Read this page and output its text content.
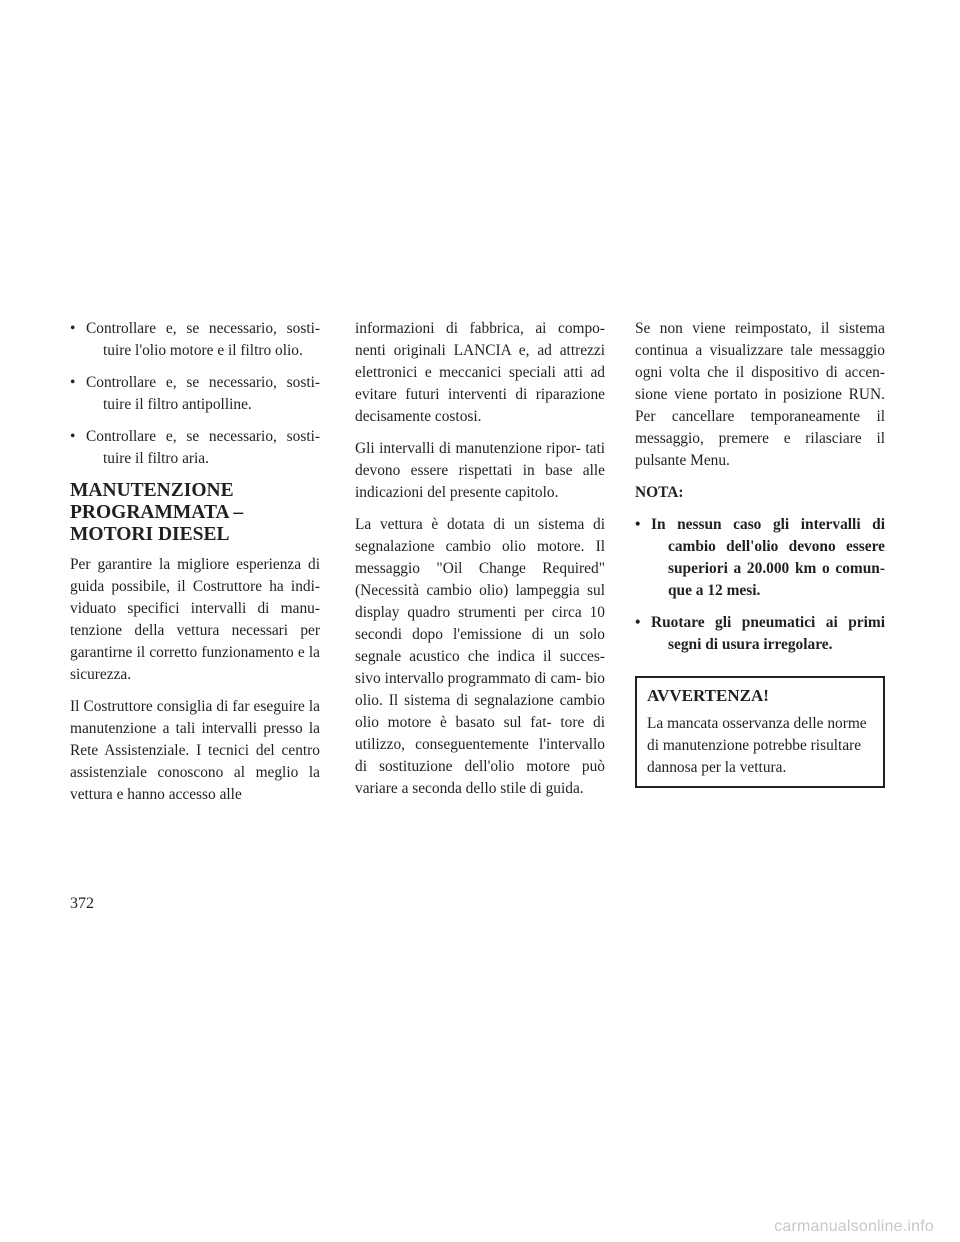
• Controllare e, se necessario, sosti- tuire l'olio motore e il filtro olio.
• Controllare e, se necessario, sosti- tuire il filtro antipolline.
• Controllare e, se necessario, sosti- tuire il filtro aria.
MANUTENZIONE
PROGRAMMATA –
MOTORI DIESEL

Per garantire la migliore esperienza di guida possibile, il Costruttore ha indi- viduato specifici intervalli di manu- tenzione della vettura necessari per garantirne il corretto funzionamento e la sicurezza.

Il Costruttore consiglia di far eseguire la manutenzione a tali intervalli presso la Rete Assistenziale. I tecnici del centro assistenziale conoscono al meglio la vettura e hanno accesso alle

informazioni di fabbrica, ai compo- nenti originali LANCIA e, ad attrezzi elettronici e meccanici speciali atti ad evitare futuri interventi di riparazione decisamente costosi.

Gli intervalli di manutenzione ripor- tati devono essere rispettati in base alle indicazioni del presente capitolo.

La vettura è dotata di un sistema di segnalazione cambio olio motore. Il messaggio "Oil Change Required" (Necessità cambio olio) lampeggia sul display quadro strumenti per circa 10 secondi dopo l'emissione di un solo segnale acustico che indica il succes- sivo intervallo programmato di cam- bio olio. Il sistema di segnalazione cambio olio motore è basato sul fat- tore di utilizzo, conseguentemente l'intervallo di sostituzione dell'olio motore può variare a seconda dello stile di guida.

Se non viene reimpostato, il sistema continua a visualizzare tale messaggio ogni volta che il dispositivo di accen- sione viene portato in posizione RUN. Per cancellare temporaneamente il messaggio, premere e rilasciare il pulsante Menu.

NOTA:
• In nessun caso gli intervalli di cambio dell'olio devono essere superiori a 20.000 km o comun- que a 12 mesi.
• Ruotare gli pneumatici ai primi segni di usura irregolare.
AVVERTENZA!

La mancata osservanza delle norme di manutenzione potrebbe risultare dannosa per la vettura.

372
carmanualsonline.info
